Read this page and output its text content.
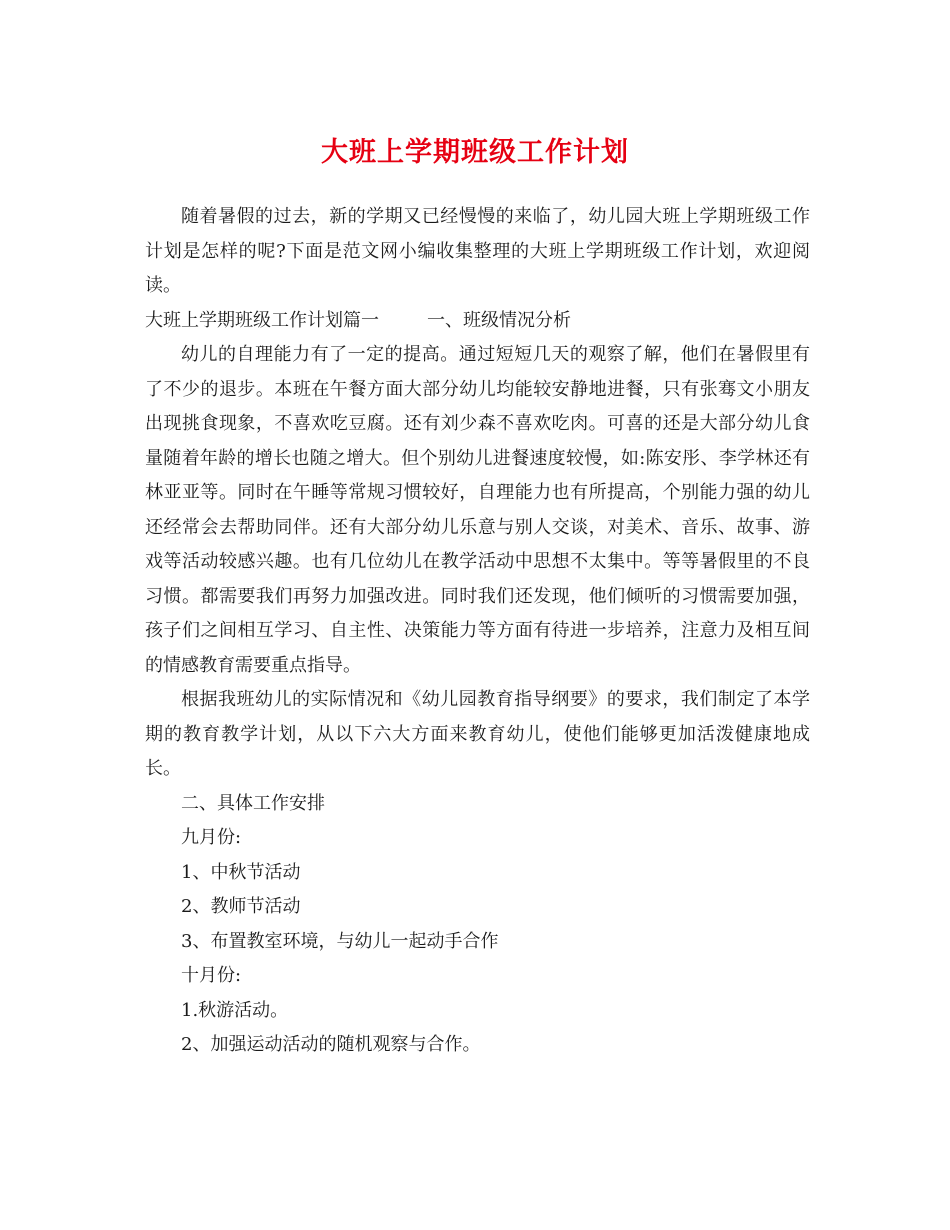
大班上学期班级工作计划

随着暑假的过去，新的学期又已经慢慢的来临了，幼儿园大班上学期班级工作计划是怎样的呢?下面是范文网小编收集整理的大班上学期班级工作计划，欢迎阅读。

大班上学期班级工作计划篇一	一、班级情况分析

幼儿的自理能力有了一定的提高。通过短短几天的观察了解，他们在暑假里有了不少的退步。本班在午餐方面大部分幼儿均能较安静地进餐，只有张骞文小朋友出现挑食现象，不喜欢吃豆腐。还有刘少森不喜欢吃肉。可喜的还是大部分幼儿食量随着年龄的增长也随之增大。但个别幼儿进餐速度较慢，如:陈安彤、李学林还有林亚亚等。同时在午睡等常规习惯较好，自理能力也有所提高，个别能力强的幼儿还经常会去帮助同伴。还有大部分幼儿乐意与别人交谈，对美术、音乐、故事、游戏等活动较感兴趣。也有几位幼儿在教学活动中思想不太集中。等等暑假里的不良习惯。都需要我们再努力加强改进。同时我们还发现，他们倾听的习惯需要加强，孩子们之间相互学习、自主性、决策能力等方面有待进一步培养，注意力及相互间的情感教育需要重点指导。

根据我班幼儿的实际情况和《幼儿园教育指导纲要》的要求，我们制定了本学期的教育教学计划，从以下六大方面来教育幼儿，使他们能够更加活泼健康地成长。

二、具体工作安排

九月份:

1、中秋节活动

2、教师节活动

3、布置教室环境，与幼儿一起动手合作

十月份:

1.秋游活动。

2、加强运动活动的随机观察与合作。
